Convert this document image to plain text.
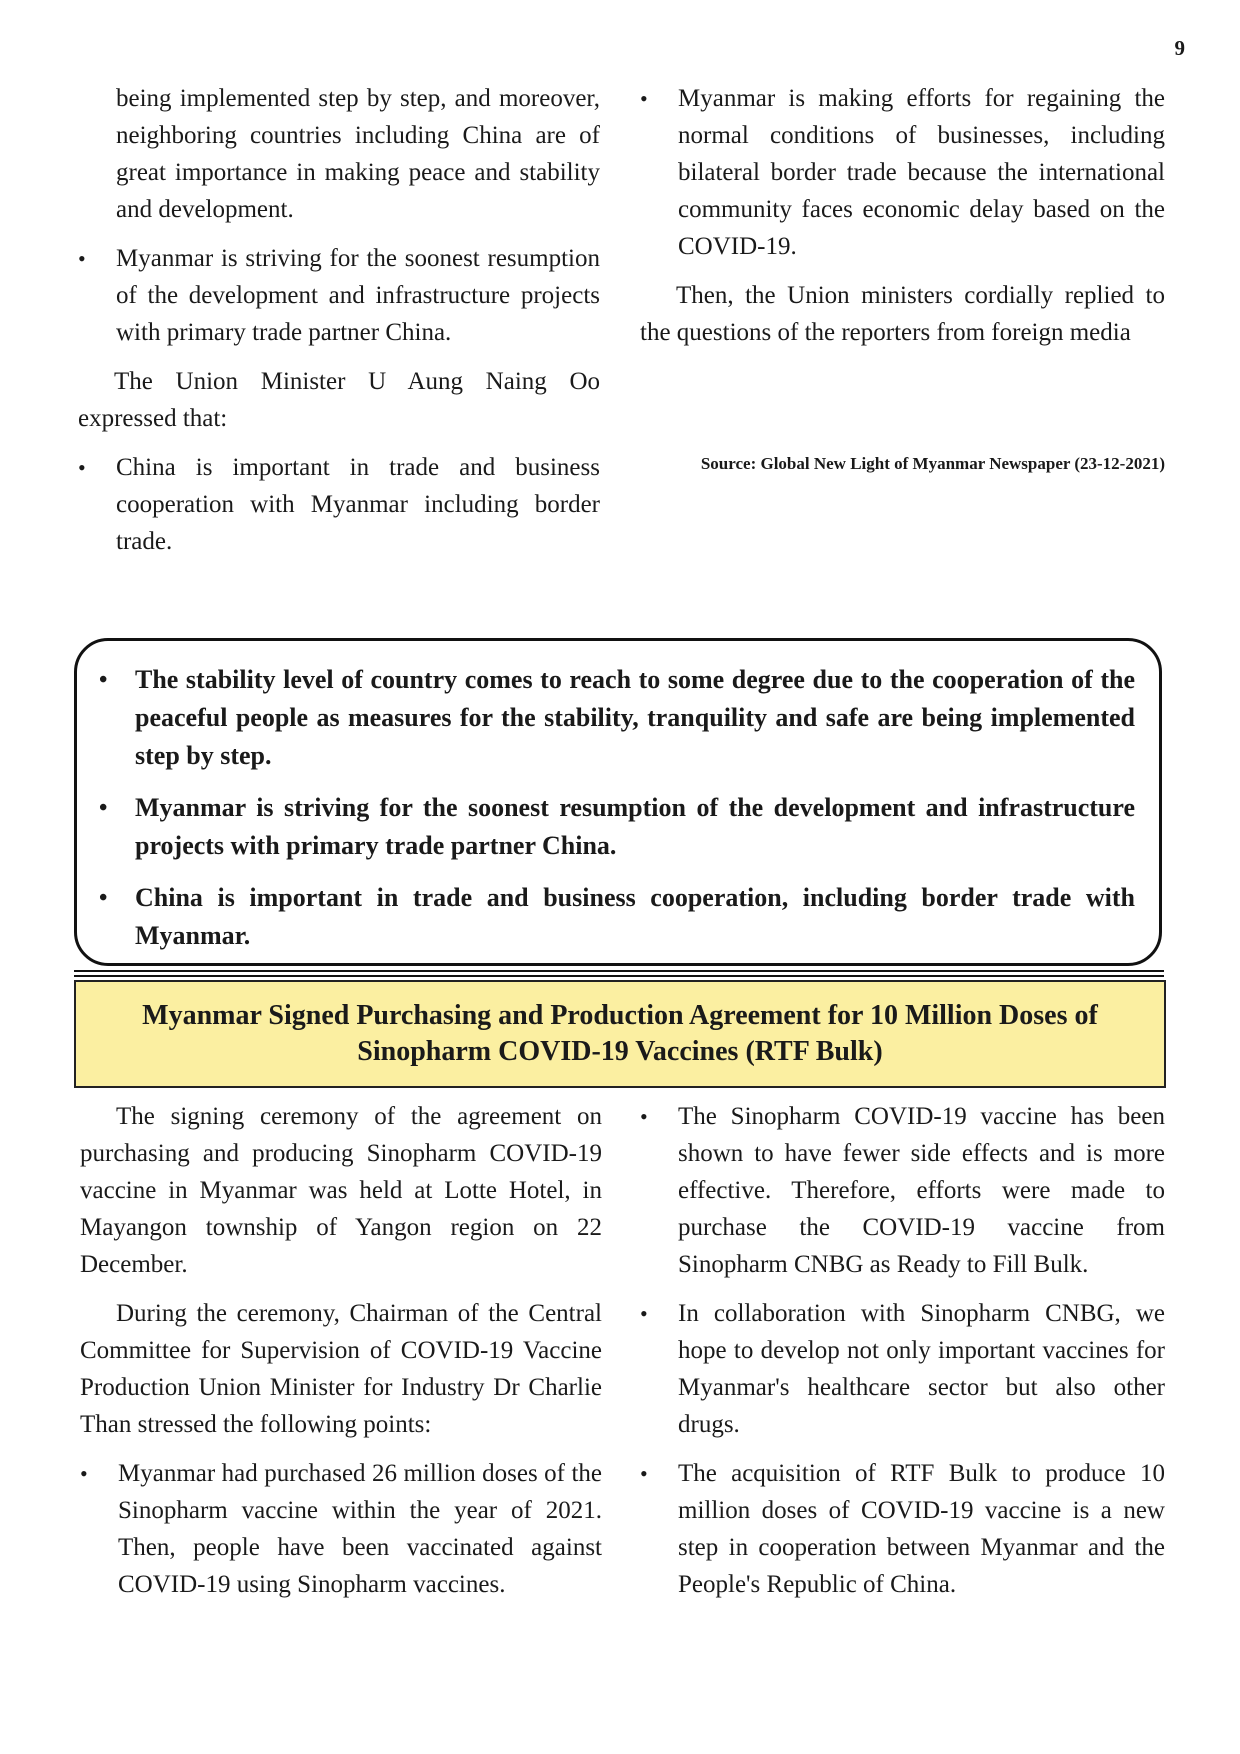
9

being implemented step by step, and moreover, neighboring countries including China are of great importance in making peace and stability and development.

• Myanmar is striving for the soonest resumption of the development and infrastructure projects with primary trade partner China.

The Union Minister U Aung Naing Oo expressed that:

• China is important in trade and business cooperation with Myanmar including border trade.
• Myanmar is making efforts for regaining the normal conditions of businesses, including bilateral border trade because the international community faces economic delay based on the COVID-19.

Then, the Union ministers cordially replied to the questions of the reporters from foreign media

Source: Global New Light of Myanmar Newspaper (23-12-2021)
• The stability level of country comes to reach to some degree due to the cooperation of the peaceful people as measures for the stability, tranquility and safe are being implemented step by step.
• Myanmar is striving for the soonest resumption of the development and infrastructure projects with primary trade partner China.
• China is important in trade and business cooperation, including border trade with Myanmar.
Myanmar Signed Purchasing and Production Agreement for 10 Million Doses of
Sinopharm COVID-19 Vaccines (RTF Bulk)

The signing ceremony of the agreement on purchasing and producing Sinopharm COVID-19 vaccine in Myanmar was held at Lotte Hotel, in Mayangon township of Yangon region on 22 December.

During the ceremony, Chairman of the Central Committee for Supervision of COVID-19 Vaccine Production Union Minister for Industry Dr Charlie Than stressed the following points:

• Myanmar had purchased 26 million doses of the Sinopharm vaccine within the year of 2021. Then, people have been vaccinated against COVID-19 using Sinopharm vaccines.
• The Sinopharm COVID-19 vaccine has been shown to have fewer side effects and is more effective. Therefore, efforts were made to purchase the COVID-19 vaccine from Sinopharm CNBG as Ready to Fill Bulk.
• In collaboration with Sinopharm CNBG, we hope to develop not only important vaccines for Myanmar's healthcare sector but also other drugs.
• The acquisition of RTF Bulk to produce 10 million doses of COVID-19 vaccine is a new step in cooperation between Myanmar and the People's Republic of China.
